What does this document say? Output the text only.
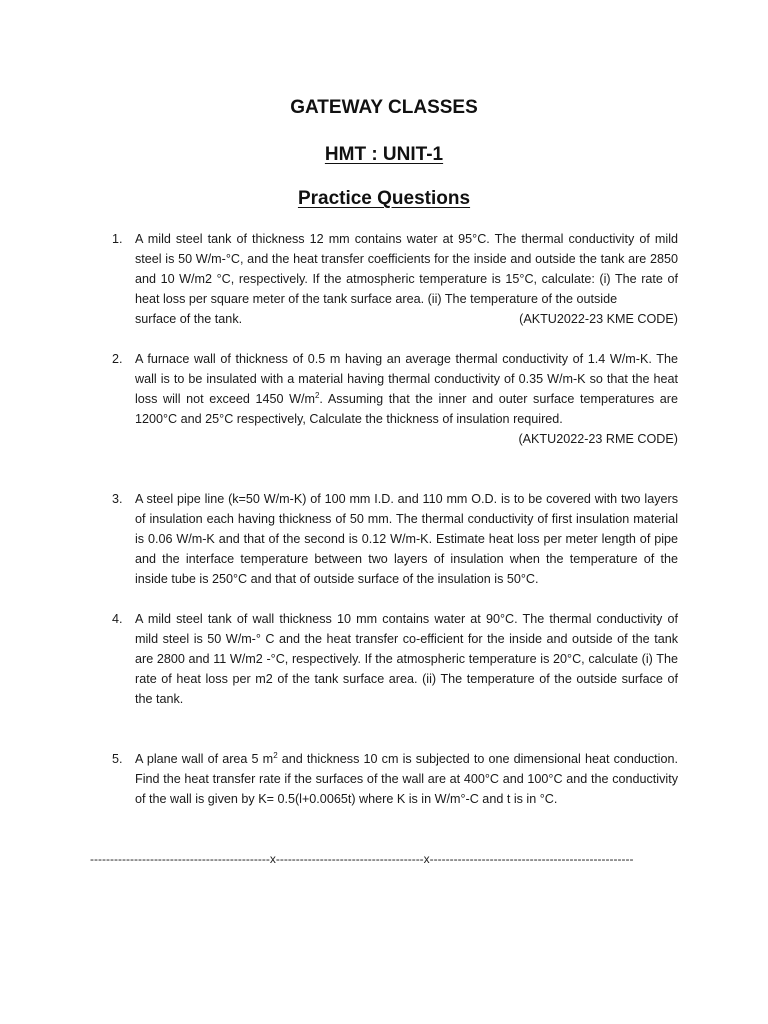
GATEWAY CLASSES
HMT : UNIT-1
Practice Questions
1. A mild steel tank of thickness 12 mm contains water at 95°C. The thermal conductivity of mild steel is 50 W/m-°C, and the heat transfer coefficients for the inside and outside the tank are 2850 and 10 W/m2 °C, respectively. If the atmospheric temperature is 15°C, calculate: (i) The rate of heat loss per square meter of the tank surface area. (ii) The temperature of the outside
surface of the tank.	(AKTU2022-23 KME CODE)
2. A furnace wall of thickness of 0.5 m having an average thermal conductivity of 1.4 W/m-K. The wall is to be insulated with a material having thermal conductivity of 0.35 W/m-K so that the heat loss will not exceed 1450 $W/m^2$. Assuming that the inner and outer surface temperatures are 1200°C and 25°C respectively, Calculate the thickness of insulation required.
(AKTU2022-23 RME CODE)
3. A steel pipe line (k=50 W/m-K) of 100 mm I.D. and 110 mm O.D. is to be covered with two layers of insulation each having thickness of 50 mm. The thermal conductivity of first insulation material is 0.06 W/m-K and that of the second is 0.12 W/m-K. Estimate heat loss per meter length of pipe and the interface temperature between two layers of insulation when the temperature of the inside tube is 250°C and that of outside surface of the insulation is 50°C.
4. A mild steel tank of wall thickness 10 mm contains water at 90°C. The thermal conductivity of mild steel is 50 W/m-° C and the heat transfer co-efficient for the inside and outside of the tank are 2800 and 11 W/m2 -°C, respectively. If the atmospheric temperature is 20°C, calculate (i) The rate of heat loss per m2 of the tank surface area. (ii) The temperature of the outside surface of the tank.
5. A plane wall of area 5 $m^2$ and thickness 10 cm is subjected to one dimensional heat conduction. Find the heat transfer rate if the surfaces of the wall are at 400°C and 100°C and the conductivity of the wall is given by K= 0.5(l+0.0065t) where K is in W/m°-C and t is in °C.
---------------------------------------------x-------------------------------------x---------------------------------------------------
